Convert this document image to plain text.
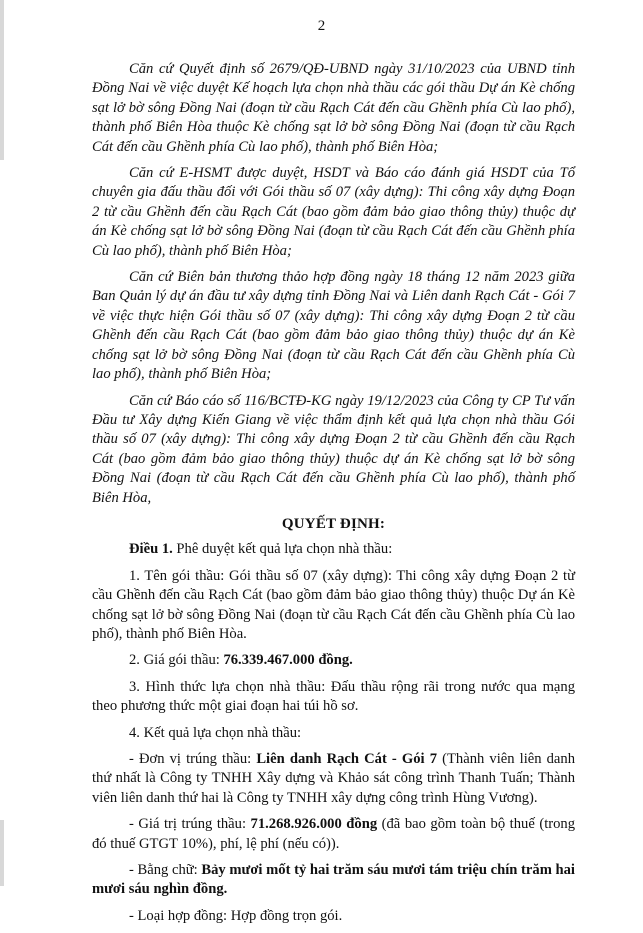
2

Căn cứ Quyết định số 2679/QĐ-UBND ngày 31/10/2023 của UBND tỉnh Đồng Nai về việc duyệt Kế hoạch lựa chọn nhà thầu các gói thầu Dự án Kè chống sạt lở bờ sông Đồng Nai (đoạn từ cầu Rạch Cát đến cầu Ghềnh phía Cù lao phố), thành phố Biên Hòa thuộc Kè chống sạt lở bờ sông Đồng Nai (đoạn từ cầu Rạch Cát đến cầu Ghềnh phía Cù lao phố), thành phố Biên Hòa;

Căn cứ E-HSMT được duyệt, HSDT và Báo cáo đánh giá HSDT của Tổ chuyên gia đấu thầu đối với Gói thầu số 07 (xây dựng): Thi công xây dựng Đoạn 2 từ cầu Ghềnh đến cầu Rạch Cát (bao gồm đảm bảo giao thông thủy) thuộc dự án Kè chống sạt lở bờ sông Đồng Nai (đoạn từ cầu Rạch Cát đến cầu Ghềnh phía Cù lao phố), thành phố Biên Hòa;

Căn cứ Biên bản thương thảo hợp đồng ngày 18 tháng 12 năm 2023 giữa Ban Quản lý dự án đầu tư xây dựng tỉnh Đồng Nai và Liên danh Rạch Cát - Gói 7 về việc thực hiện Gói thầu số 07 (xây dựng): Thi công xây dựng Đoạn 2 từ cầu Ghềnh đến cầu Rạch Cát (bao gồm đảm bảo giao thông thủy) thuộc dự án Kè chống sạt lở bờ sông Đồng Nai (đoạn từ cầu Rạch Cát đến cầu Ghềnh phía Cù lao phố), thành phố Biên Hòa;

Căn cứ Báo cáo số 116/BCTĐ-KG ngày 19/12/2023 của Công ty CP Tư vấn Đầu tư Xây dựng Kiến Giang về việc thẩm định kết quả lựa chọn nhà thầu Gói thầu số 07 (xây dựng): Thi công xây dựng Đoạn 2 từ cầu Ghềnh đến cầu Rạch Cát (bao gồm đảm bảo giao thông thủy) thuộc dự án Kè chống sạt lở bờ sông Đồng Nai (đoạn từ cầu Rạch Cát đến cầu Ghềnh phía Cù lao phố), thành phố Biên Hòa,

QUYẾT ĐỊNH:

Điều 1. Phê duyệt kết quả lựa chọn nhà thầu:

1. Tên gói thầu: Gói thầu số 07 (xây dựng): Thi công xây dựng Đoạn 2 từ cầu Ghềnh đến cầu Rạch Cát (bao gồm đảm bảo giao thông thủy) thuộc Dự án Kè chống sạt lở bờ sông Đồng Nai (đoạn từ cầu Rạch Cát đến cầu Ghềnh phía Cù lao phố), thành phố Biên Hòa.

2. Giá gói thầu: 76.339.467.000 đồng.

3. Hình thức lựa chọn nhà thầu: Đấu thầu rộng rãi trong nước qua mạng theo phương thức một giai đoạn hai túi hồ sơ.

4. Kết quả lựa chọn nhà thầu:

- Đơn vị trúng thầu: Liên danh Rạch Cát - Gói 7 (Thành viên liên danh thứ nhất là Công ty TNHH Xây dựng và Khảo sát công trình Thanh Tuấn; Thành viên liên danh thứ hai là Công ty TNHH xây dựng công trình Hùng Vương).

- Giá trị trúng thầu: 71.268.926.000 đồng (đã bao gồm toàn bộ thuế (trong đó thuế GTGT 10%), phí, lệ phí (nếu có)).

- Bằng chữ: Bảy mươi mốt tỷ hai trăm sáu mươi tám triệu chín trăm hai mươi sáu nghìn đồng.

- Loại hợp đồng: Hợp đồng trọn gói.
